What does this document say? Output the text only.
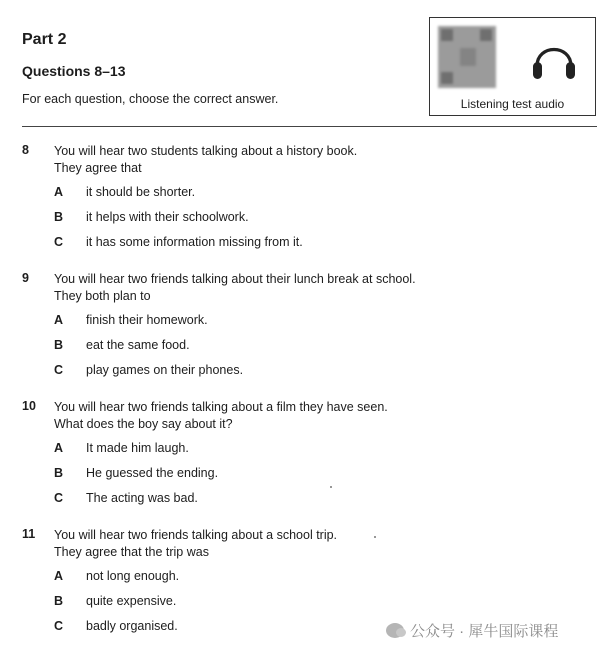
Part 2
Questions 8–13
For each question, choose the correct answer.	Listening test audio
8 You will hear two students talking about a history book.
They agree that
A it should be shorter.
B it helps with their schoolwork.
C it has some information missing from it.
9 You will hear two friends talking about their lunch break at school.
They both plan to
A finish their homework.
B eat the same food.
C play games on their phones.
10 You will hear two friends talking about a film they have seen.
What does the boy say about it?
A It made him laugh.
B He guessed the ending.
C The acting was bad.
11 You will hear two friends talking about a school trip.
They agree that the trip was
A not long enough.
B quite expensive.
C badly organised.	公众号 · 犀牛国际课程
